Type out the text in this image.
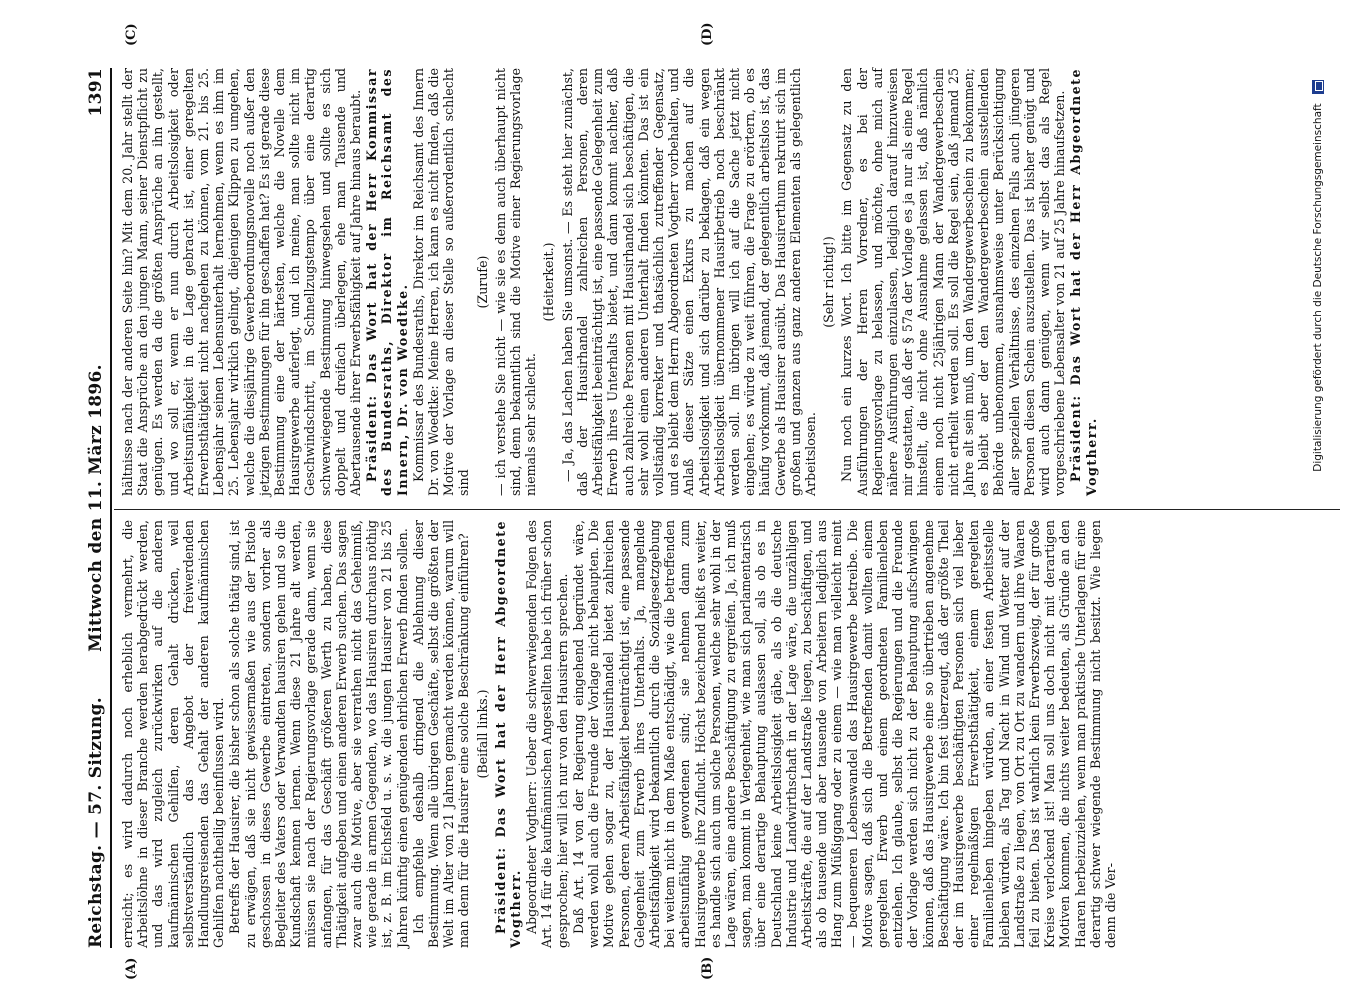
Reichstag. — 57. Sitzung.
Mittwoch den 11. März 1896.
1391
(A)	(B)
(C)	(D)

erreicht; es wird dadurch noch erheblich vermehrt, die Arbeitslöhne in dieser Branche werden herabgedrückt werden, und das wird zugleich zurückwirken auf die anderen kaufmännischen Gehilfen, deren Gehalt drücken, weil selbstverständlich das Angebot der freiwerdenden Handlungsreisenden das Gehalt der anderen kaufmännischen Gehilfen nachtheilig beeinflussen wird. Betreffs der Hausirer, die bisher schon als solche thätig sind, ist zu erwägen, daß sie nicht gewissermaßen wie aus der Pistole geschossen in dieses Gewerbe eintreten, sondern vorher als Begleiter des Vaters oder Verwandten hausiren gehen und so die Kundschaft kennen lernen. Wenn diese 21 Jahre alt werden, müssen sie nach der Regierungsvorlage gerade dann, wenn sie anfangen, für das Geschäft größeren Werth zu haben, diese Thätigkeit aufgeben und einen anderen Erwerb suchen. Das sagen zwar auch die Motive, aber sie verrathen nicht das Geheimniß, wie gerade in armen Gegenden, wo das Hausiren durchaus nöthig ist, z. B. im Eichsfeld u. s. w. die jungen Hausirer von 21 bis 25 Jahren künftig einen genügenden ehrlichen Erwerb finden sollen. Ich empfehle deshalb dringend die Ablehnung dieser Bestimmung. Wenn alle übrigen Geschäfte, selbst die größten der Welt im Alter von 21 Jahren gemacht werden können, warum will man denn für die Hausirer eine solche Beschränkung einführen? (Beifall links.) Präsident: Das Wort hat der Herr Abgeordnete Vogtherr. Abgeordneter Vogtherr: Ueber die schwerwiegenden Folgen des Art. 14 für die kaufmännischen Angestellten habe ich früher schon gesprochen; hier will ich nur von den Hausirern sprechen. Daß Art. 14 von der Regierung eingehend begründet wäre, werden wohl auch die Freunde der Vorlage nicht behaupten. Die Motive gehen sogar zu, der Hausirhandel bietet zahlreichen Personen, deren Arbeitsfähigkeit beeinträchtigt ist, eine passende Gelegenheit zum Erwerb ihres Unterhalts. Ja, mangelnde Arbeitsfähigkeit wird bekanntlich durch die Sozialgesetzgebung bei weitem nicht in dem Maße entschädigt, wie die betreffenden arbeitsunfähig gewordenen sind; sie nehmen dann zum Hausirgewerbe ihre Zuflucht. Höchst bezeichnend heißt es weiter, es handle sich auch um solche Personen, welche sehr wohl in der Lage wären, eine andere Beschäftigung zu ergreifen. Ja, ich muß sagen, man kommt in Verlegenheit, wie man sich parlamentarisch über eine derartige Behauptung auslassen soll, als ob es in Deutschland keine Arbeitslosigkeit gäbe, als ob die deutsche Industrie und Landwirthschaft in der Lage wäre, die unzähligen Arbeitskräfte, die auf der Landstraße liegen, zu beschäftigen, und als ob tausende und aber tausende von Arbeitern lediglich aus Hang zum Müßiggang oder zu einem — wie man vielleicht meint — bequemeren Lebenswandel das Hausirgewerbe betreibe. Die Motive sagen, daß sich die Betreffenden damit wollten einem geregelten Erwerb und einem geordneten Familienleben entziehen. Ich glaube, selbst die Regierungen und die Freunde der Vorlage werden sich nicht zu der Behauptung aufschwingen können, daß das Hausirgewerbe eine so übertrieben angenehme Beschäftigung wäre. Ich bin fest überzeugt, daß der größte Theil der im Hausirgewerbe beschäftigten Personen sich viel lieber einer regelmäßigen Erwerbsthätigkeit, einem geregelten Familienleben hingeben würden, an einer festen Arbeitsstelle bleiben würden, als Tag und Nacht in Wind und Wetter auf der Landstraße zu liegen, von Ort zu Ort zu wandern und ihre Waaren feil zu bieten. Das ist wahrlich kein Erwerbszweig, der für große Kreise verlockend ist! Man soll uns doch nicht mit derartigen Motiven kommen, die nichts weiter bedeuten, als Gründe an den Haaren herbeizuziehen, wenn man praktische Unterlagen für eine derartig schwer wiegende Bestimmung nicht besitzt. Wie liegen denn die Ver-

hältnisse nach der anderen Seite hin? Mit dem 20. Jahr stellt der Staat die Ansprüche an den jungen Mann, seiner Dienstpflicht zu genügen. Es werden da die größten Ansprüche an ihn gestellt, und wo soll er, wenn er nun durch Arbeitslosigkeit oder Arbeitsunfähigkeit in die Lage gebracht ist, einer geregelten Erwerbsthätigkeit nicht nachgehen zu können, vom 21. bis 25. Lebensjahr seinen Lebensunterhalt hernehmen, wenn es ihm im 25. Lebensjahr wirklich gelingt, diejenigen Klippen zu umgehen, welche die diesjährige Gewerbeordnungsnovelle noch außer den jetzigen Bestimmungen für ihn geschaffen hat? Es ist gerade diese Bestimmung eine der härtesten, welche die Novelle dem Hausirgewerbe auferlegt, und ich meine, man sollte nicht im Geschwindschritt, im Schnellzugstempo über eine derartig schwerwiegende Bestimmung hinwegsehen und sollte es sich doppelt und dreifach überlegen, ehe man Tausende und Abertausende ihrer Erwerbsfähigkeit auf Jahre hinaus beraubt. Präsident: Das Wort hat der Herr Kommissar des Bundesraths, Direktor im Reichsamt des Innern, Dr. von Woedtke. Kommissar des Bundesraths, Direktor im Reichsamt des Innern Dr. von Woedtke: Meine Herren, ich kann es nicht finden, daß die Motive der Vorlage an dieser Stelle so außerordentlich schlecht sind

(Zurufe) — ich verstehe Sie nicht — wie sie es denn auch überhaupt nicht sind, denn bekanntlich sind die Motive einer Regierungsvorlage niemals sehr schlecht.

(Heiterkeit.) — Ja, das Lachen haben Sie umsonst. — Es steht hier zunächst, daß der Hausirhandel zahlreichen Personen, deren Arbeitsfähigkeit beeinträchtigt ist, eine passende Gelegenheit zum Erwerb ihres Unterhalts bietet, und dann kommt nachher, daß auch zahlreiche Personen mit Hausirhandel sich beschäftigen, die sehr wohl einen anderen Unterhalt finden könnten. Das ist ein vollständig korrekter und thatsächlich zutreffender Gegensatz, und es bleibt dem Herrn Abgeordneten Vogtherr vorbehalten, und Anlaß dieser Sätze einen Exkurs zu machen auf die Arbeitslosigkeit und sich darüber zu beklagen, daß ein wegen Arbeitslosigkeit übernommener Hausirbetrieb noch beschränkt werden soll. Im übrigen will ich auf die Sache jetzt nicht eingehen; es würde zu weit führen, die Frage zu erörtern, ob es häufig vorkommt, daß jemand, der gelegentlich arbeitslos ist, das Gewerbe als Hausirer ausübt. Das Hausirerthum rekrutirt sich im großen und ganzen aus ganz anderen Elementen als gelegentlich Arbeitslosen.

(Sehr richtig!) Nun noch ein kurzes Wort. Ich bitte im Gegensatz zu den Ausführungen der Herren Vorredner, es bei der Regierungsvorlage zu belassen, und möchte, ohne mich auf nähere Ausführungen einzulassen, lediglich darauf hinzuweisen mir gestatten, daß der § 57a der Vorlage es ja nur als eine Regel hinstellt, die nicht ohne Ausnahme gelassen ist, daß nämlich einem noch nicht 25jährigen Mann der Wandergewerbeschein nicht ertheilt werden soll. Es soll die Regel sein, daß jemand 25 Jahre alt sein muß, um den Wandergewerbeschein zu bekommen; es bleibt aber der den Wandergewerbeschein ausstellenden Behörde unbenommen, ausnahmsweise unter Berücksichtigung aller speziellen Verhältnisse, des einzelnen Falls auch jüngeren Personen diesen Schein auszustellen. Das ist bisher genügt und wird auch dann genügen, wenn wir selbst das als Regel vorgeschriebene Lebensalter von 21 auf 25 Jahre hinaufsetzen. Präsident: Das Wort hat der Herr Abgeordnete Vogtherr.	Digitalisierung gefördert durch die Deutsche Forschungsgemeinschaft
